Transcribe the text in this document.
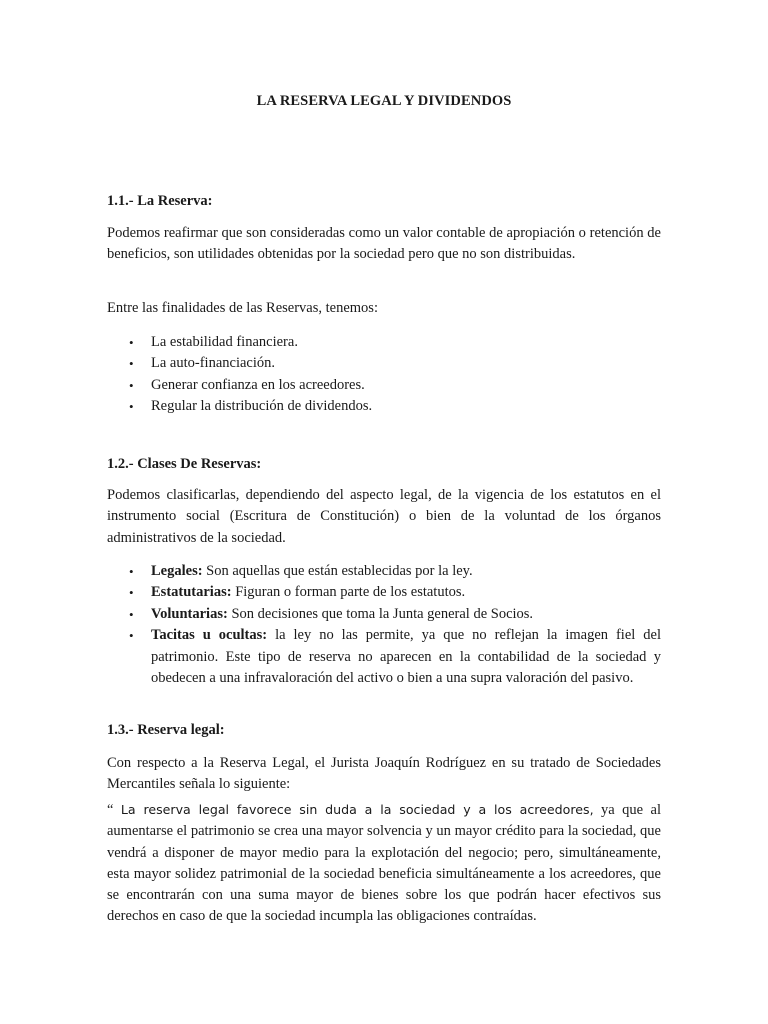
LA RESERVA LEGAL Y DIVIDENDOS
1.1.- La Reserva:

Podemos reafirmar que son consideradas como un valor contable de apropiación o retención de beneficios, son utilidades obtenidas por la sociedad pero que no son distribuidas.

Entre las finalidades de las Reservas, tenemos:

• La estabilidad financiera.
• La auto-financiación.
• Generar confianza en los acreedores.
• Regular la distribución de dividendos.
1.2.- Clases De Reservas:

Podemos clasificarlas, dependiendo del aspecto legal, de la vigencia de los estatutos en el instrumento social (Escritura de Constitución) o bien de la voluntad de los órganos administrativos de la sociedad.

• Legales: Son aquellas que están establecidas por la ley.
• Estatutarias: Figuran o forman parte de los estatutos.
• Voluntarias: Son decisiones que toma la Junta general de Socios.
• Tacitas u ocultas: la ley no las permite, ya que no reflejan la imagen fiel del patrimonio. Este tipo de reserva no aparecen en la contabilidad de la sociedad y obedecen a una infravaloración del activo o bien a una supra valoración del pasivo.
1.3.- Reserva legal:

Con respecto a la Reserva Legal, el Jurista Joaquín Rodríguez en su tratado de Sociedades Mercantiles señala lo siguiente:

“ La reserva legal favorece sin duda a la sociedad y a los acreedores, ya que al aumentarse el patrimonio se crea una mayor solvencia y un mayor crédito para la sociedad, que vendrá a disponer de mayor medio para la explotación del negocio; pero, simultáneamente, esta mayor solidez patrimonial de la sociedad beneficia simultáneamente a los acreedores, que se encontrarán con una suma mayor de bienes sobre los que podrán hacer efectivos sus derechos en caso de que la sociedad incumpla las obligaciones contraídas.
